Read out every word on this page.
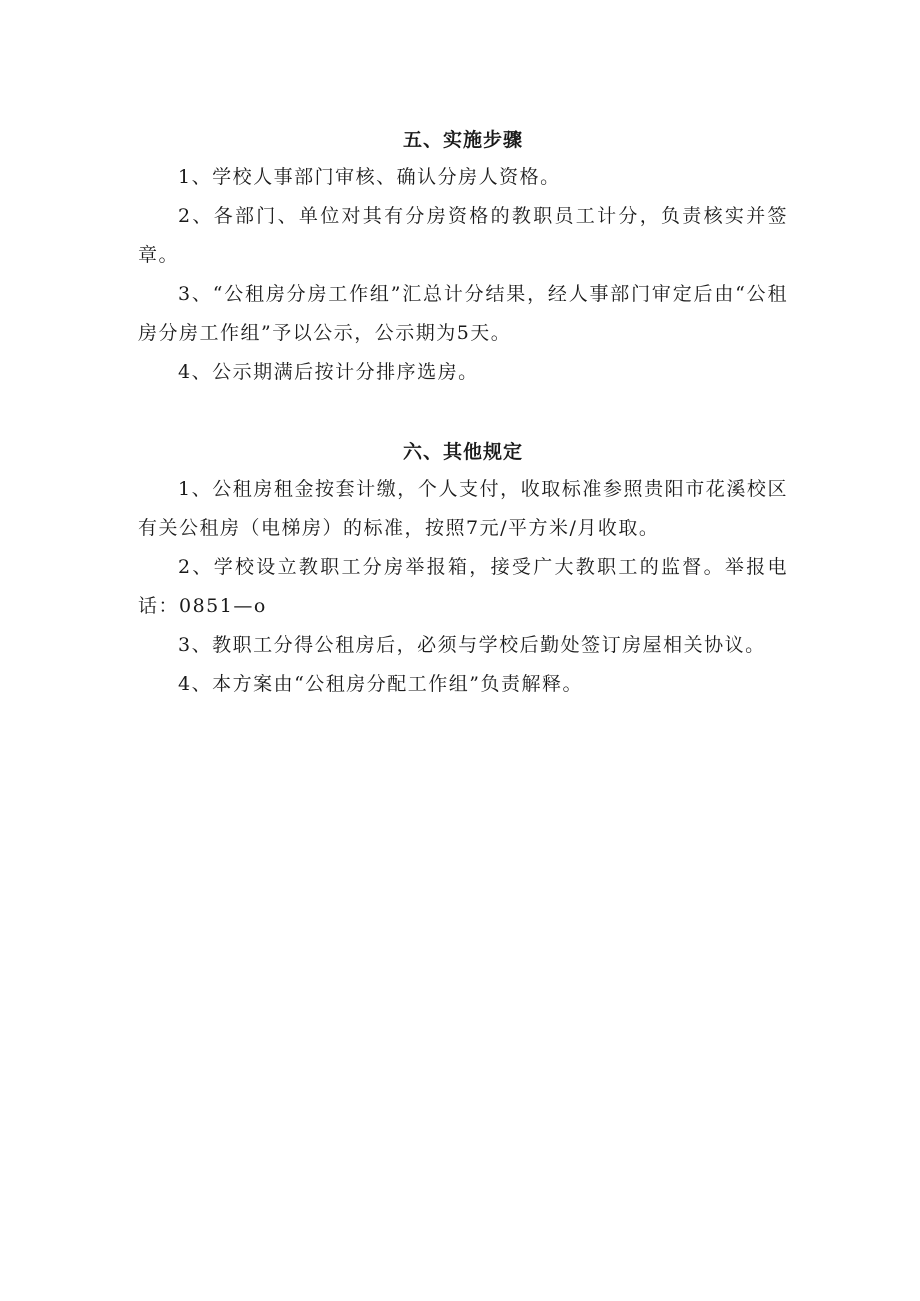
五、实施步骤

1、学校人事部门审核、确认分房人资格。

2、各部门、单位对其有分房资格的教职员工计分，负责核实并签章。

3、“公租房分房工作组”汇总计分结果，经人事部门审定后由“公租房分房工作组”予以公示，公示期为5天。

4、公示期满后按计分排序选房。

六、其他规定

1、公租房租金按套计缴，个人支付，收取标准参照贵阳市花溪校区有关公租房（电梯房）的标准，按照7元/平方米/月收取。

2、学校设立教职工分房举报箱，接受广大教职工的监督。举报电话：0851—o

3、教职工分得公租房后，必须与学校后勤处签订房屋相关协议。

4、本方案由“公租房分配工作组”负责解释。
